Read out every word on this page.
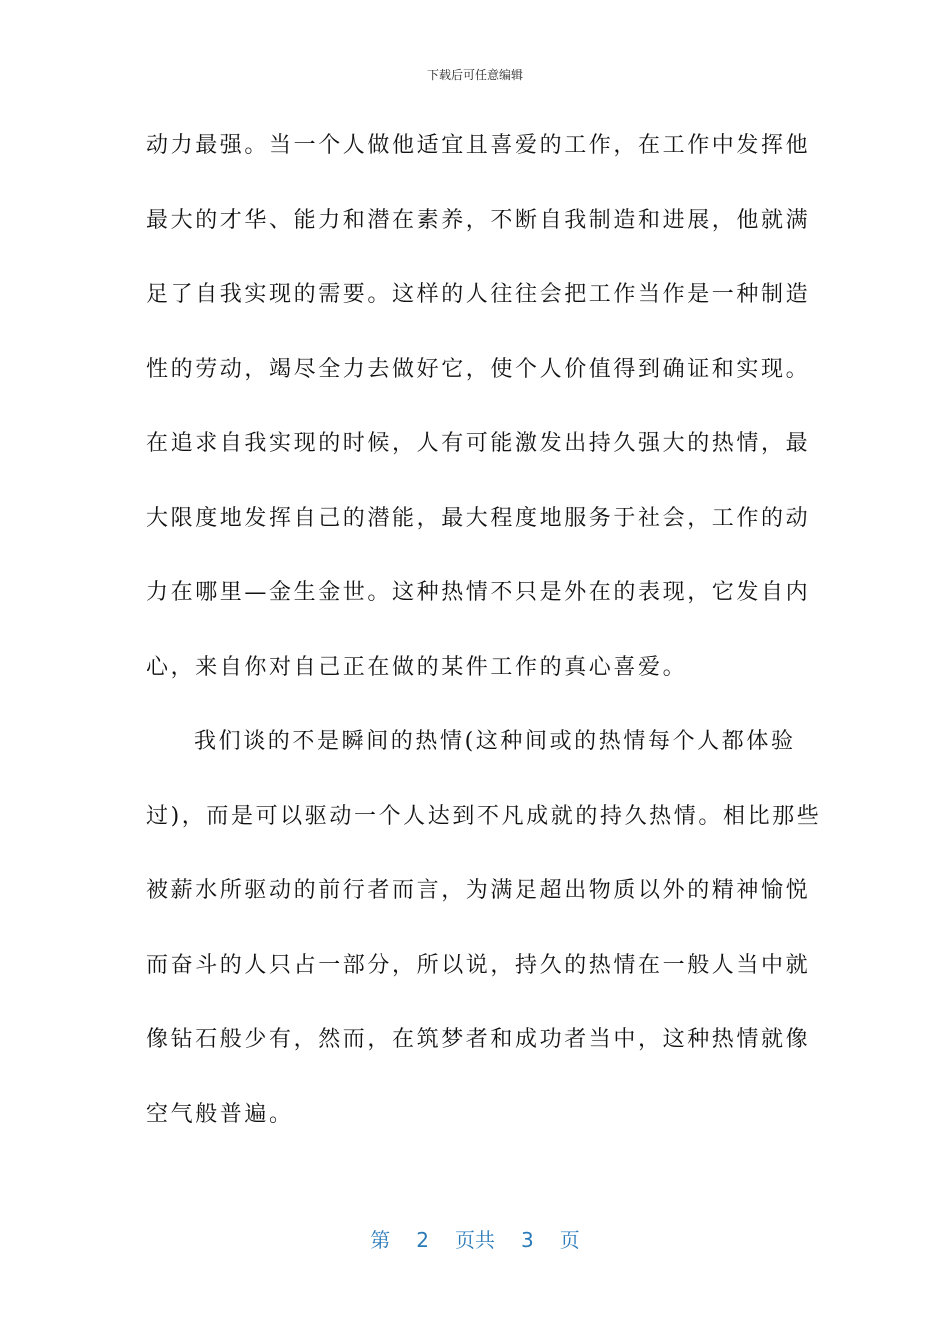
下载后可任意编辑
动力最强。当一个人做他适宜且喜爱的工作，在工作中发挥他
最大的才华、能力和潜在素养，不断自我制造和进展，他就满
足了自我实现的需要。这样的人往往会把工作当作是一种制造
性的劳动，竭尽全力去做好它，使个人价值得到确证和实现。
在追求自我实现的时候，人有可能激发出持久强大的热情，最
大限度地发挥自己的潜能，最大程度地服务于社会，工作的动
力在哪里—金生金世。这种热情不只是外在的表现，它发自内
心，来自你对自己正在做的某件工作的真心喜爱。
我们谈的不是瞬间的热情(这种间或的热情每个人都体验
过)，而是可以驱动一个人达到不凡成就的持久热情。相比那些
被薪水所驱动的前行者而言，为满足超出物质以外的精神愉悦
而奋斗的人只占一部分，所以说，持久的热情在一般人当中就
像钻石般少有，然而，在筑梦者和成功者当中，这种热情就像
空气般普遍。
第 2 页共 3 页
